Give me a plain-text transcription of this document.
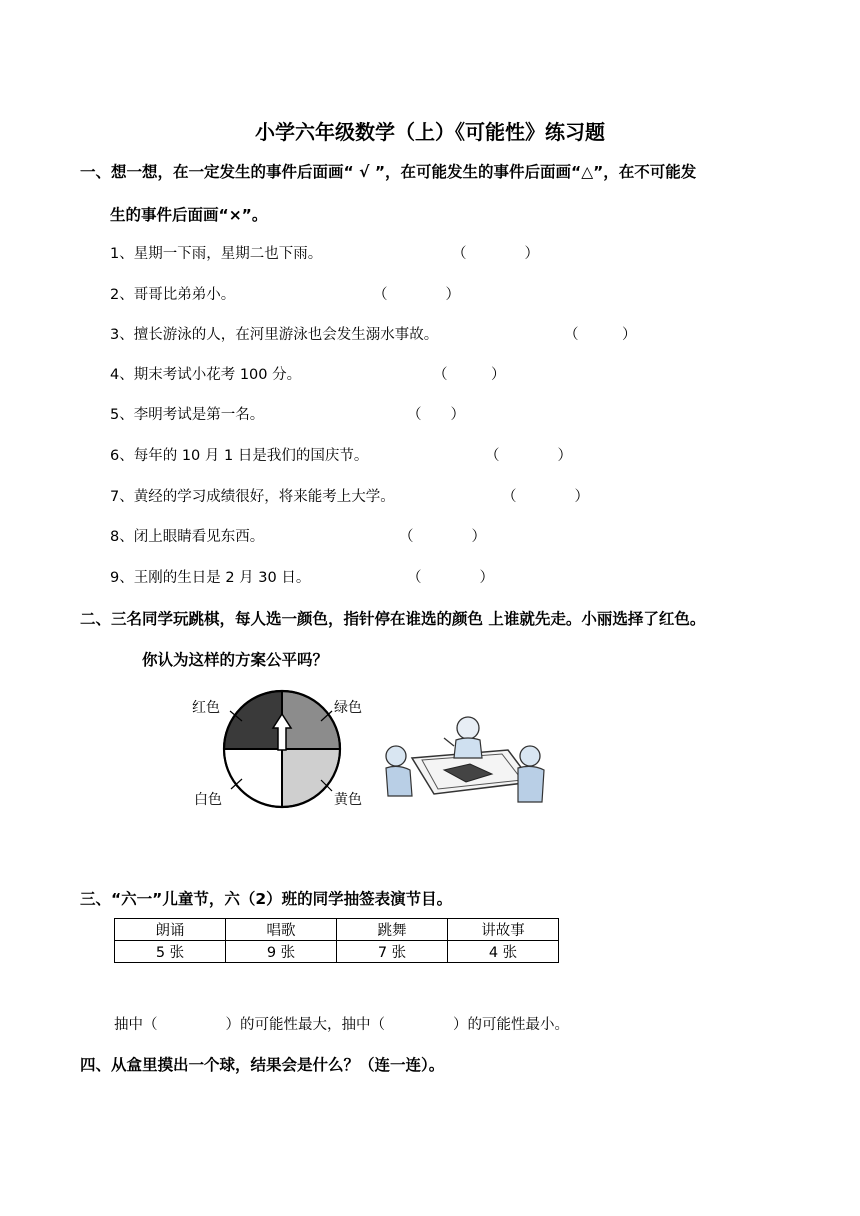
小学六年级数学（上）《可能性》练习题
一、想一想，在一定发生的事件后面画“ √ ”，在可能发生的事件后面画“△”，在不可能发
生的事件后面画“×”。
1、星期一下雨，星期二也下雨。	（　　　　）
2、哥哥比弟弟小。	（　　　　）
3、擅长游泳的人，在河里游泳也会发生溺水事故。	（　　　）
4、期末考试小花考 100 分。	（　　　）
5、李明考试是第一名。	（　　）
6、每年的 10 月 1 日是我们的国庆节。	（　　　　）
7、黄经的学习成绩很好，将来能考上大学。	（　　　　）
8、闭上眼睛看见东西。	（　　　　）
9、王刚的生日是 2 月 30 日。	（　　　　）
二、三名同学玩跳棋，每人选一颜色，指针停在谁选的颜色 上谁就先走。小丽选择了红色。
你认为这样的方案公平吗？
红色	绿色
白色	黄色
三、“六一”儿童节，六（2）班的同学抽签表演节目。
朗诵	唱歌	跳舞	讲故事
5 张	9 张	7 张	4 张
抽中（	）的可能性最大，抽中（	）的可能性最小。
四、从盒里摸出一个球，结果会是什么？（连一连）。
